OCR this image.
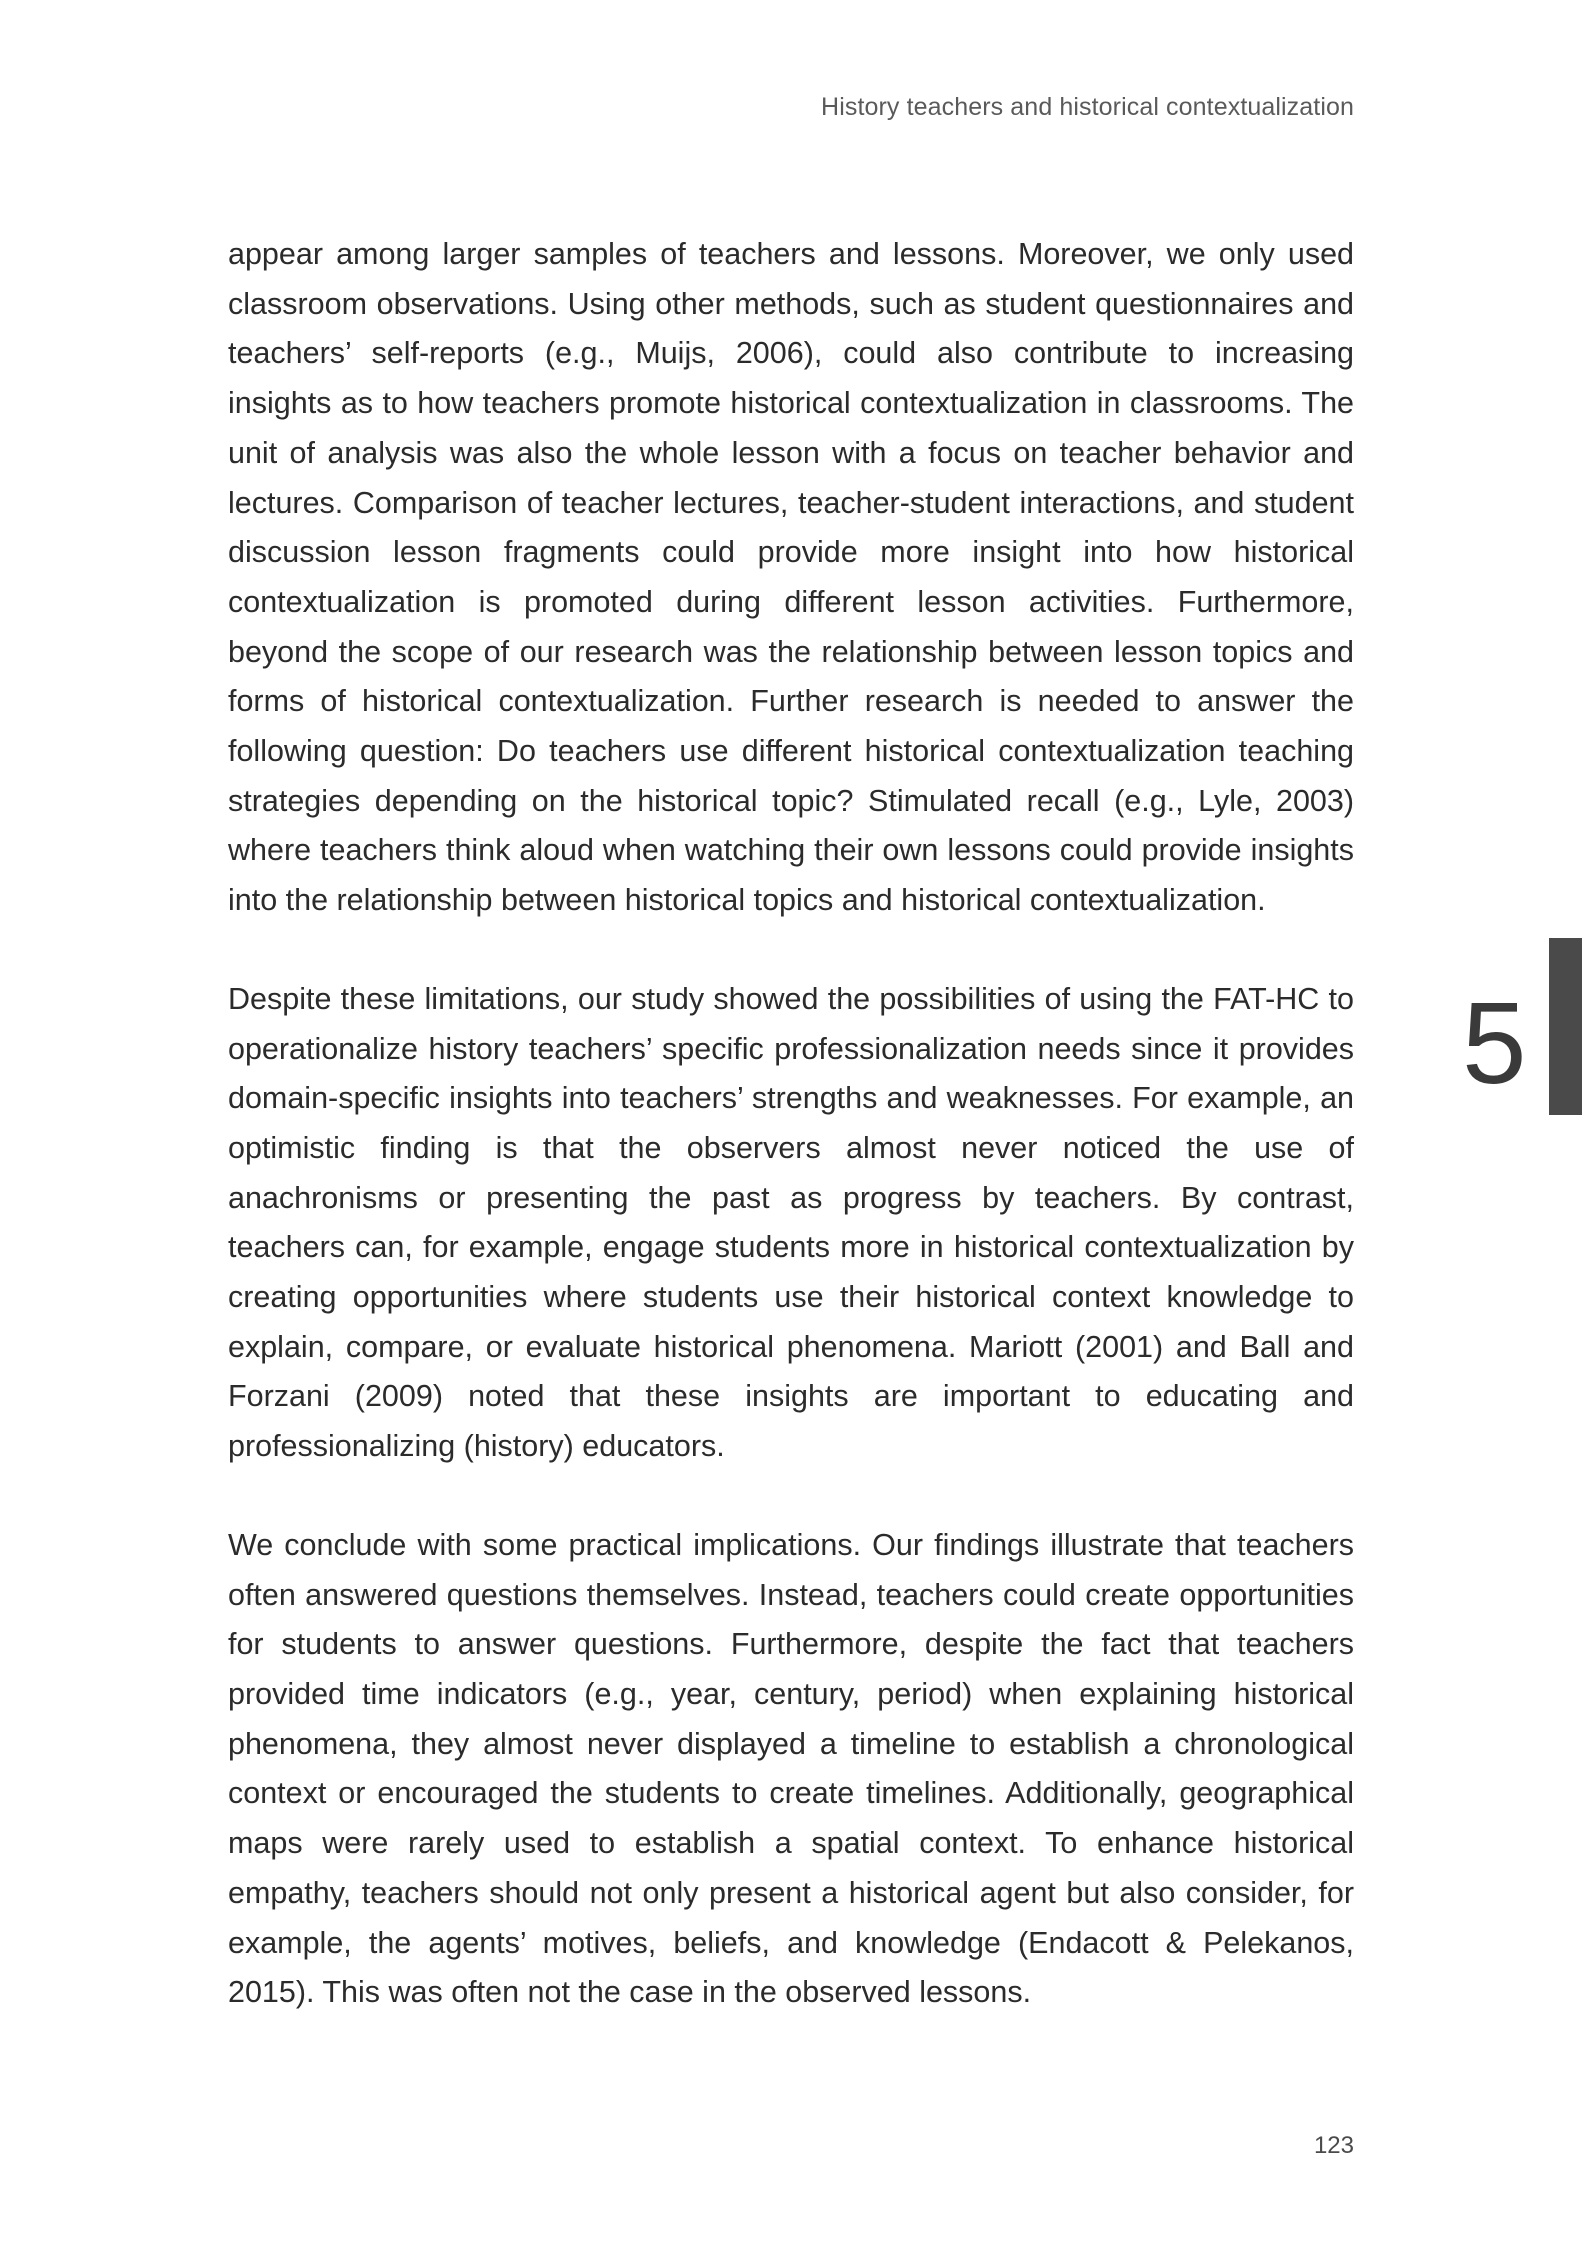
History teachers and historical contextualization

appear among larger samples of teachers and lessons. Moreover, we only used classroom observations. Using other methods, such as student questionnaires and teachers’ self-reports (e.g., Muijs, 2006), could also contribute to increasing insights as to how teachers promote historical contextualization in classrooms. The unit of analysis was also the whole lesson with a focus on teacher behavior and lectures. Comparison of teacher lectures, teacher-student interactions, and student discussion lesson fragments could provide more insight into how historical contextualization is promoted during different lesson activities. Furthermore, beyond the scope of our research was the relationship between lesson topics and forms of historical contextualization. Further research is needed to answer the following question: Do teachers use different historical contextualization teaching strategies depending on the historical topic? Stimulated recall (e.g., Lyle, 2003) where teachers think aloud when watching their own lessons could provide insights into the relationship between historical topics and historical contextualization.

Despite these limitations, our study showed the possibilities of using the FAT-HC to operationalize history teachers’ specific professionalization needs since it provides domain-specific insights into teachers’ strengths and weaknesses. For example, an optimistic finding is that the observers almost never noticed the use of anachronisms or presenting the past as progress by teachers. By contrast, teachers can, for example, engage students more in historical contextualization by creating opportunities where students use their historical context knowledge to explain, compare, or evaluate historical phenomena. Mariott (2001) and Ball and Forzani (2009) noted that these insights are important to educating and professionalizing (history) educators.

We conclude with some practical implications. Our findings illustrate that teachers often answered questions themselves. Instead, teachers could create opportunities for students to answer questions. Furthermore, despite the fact that teachers provided time indicators (e.g., year, century, period) when explaining historical phenomena, they almost never displayed a timeline to establish a chronological context or encouraged the students to create timelines. Additionally, geographical maps were rarely used to establish a spatial context. To enhance historical empathy, teachers should not only present a historical agent but also consider, for example, the agents’ motives, beliefs, and knowledge (Endacott & Pelekanos, 2015). This was often not the case in the observed lessons.

5
123
